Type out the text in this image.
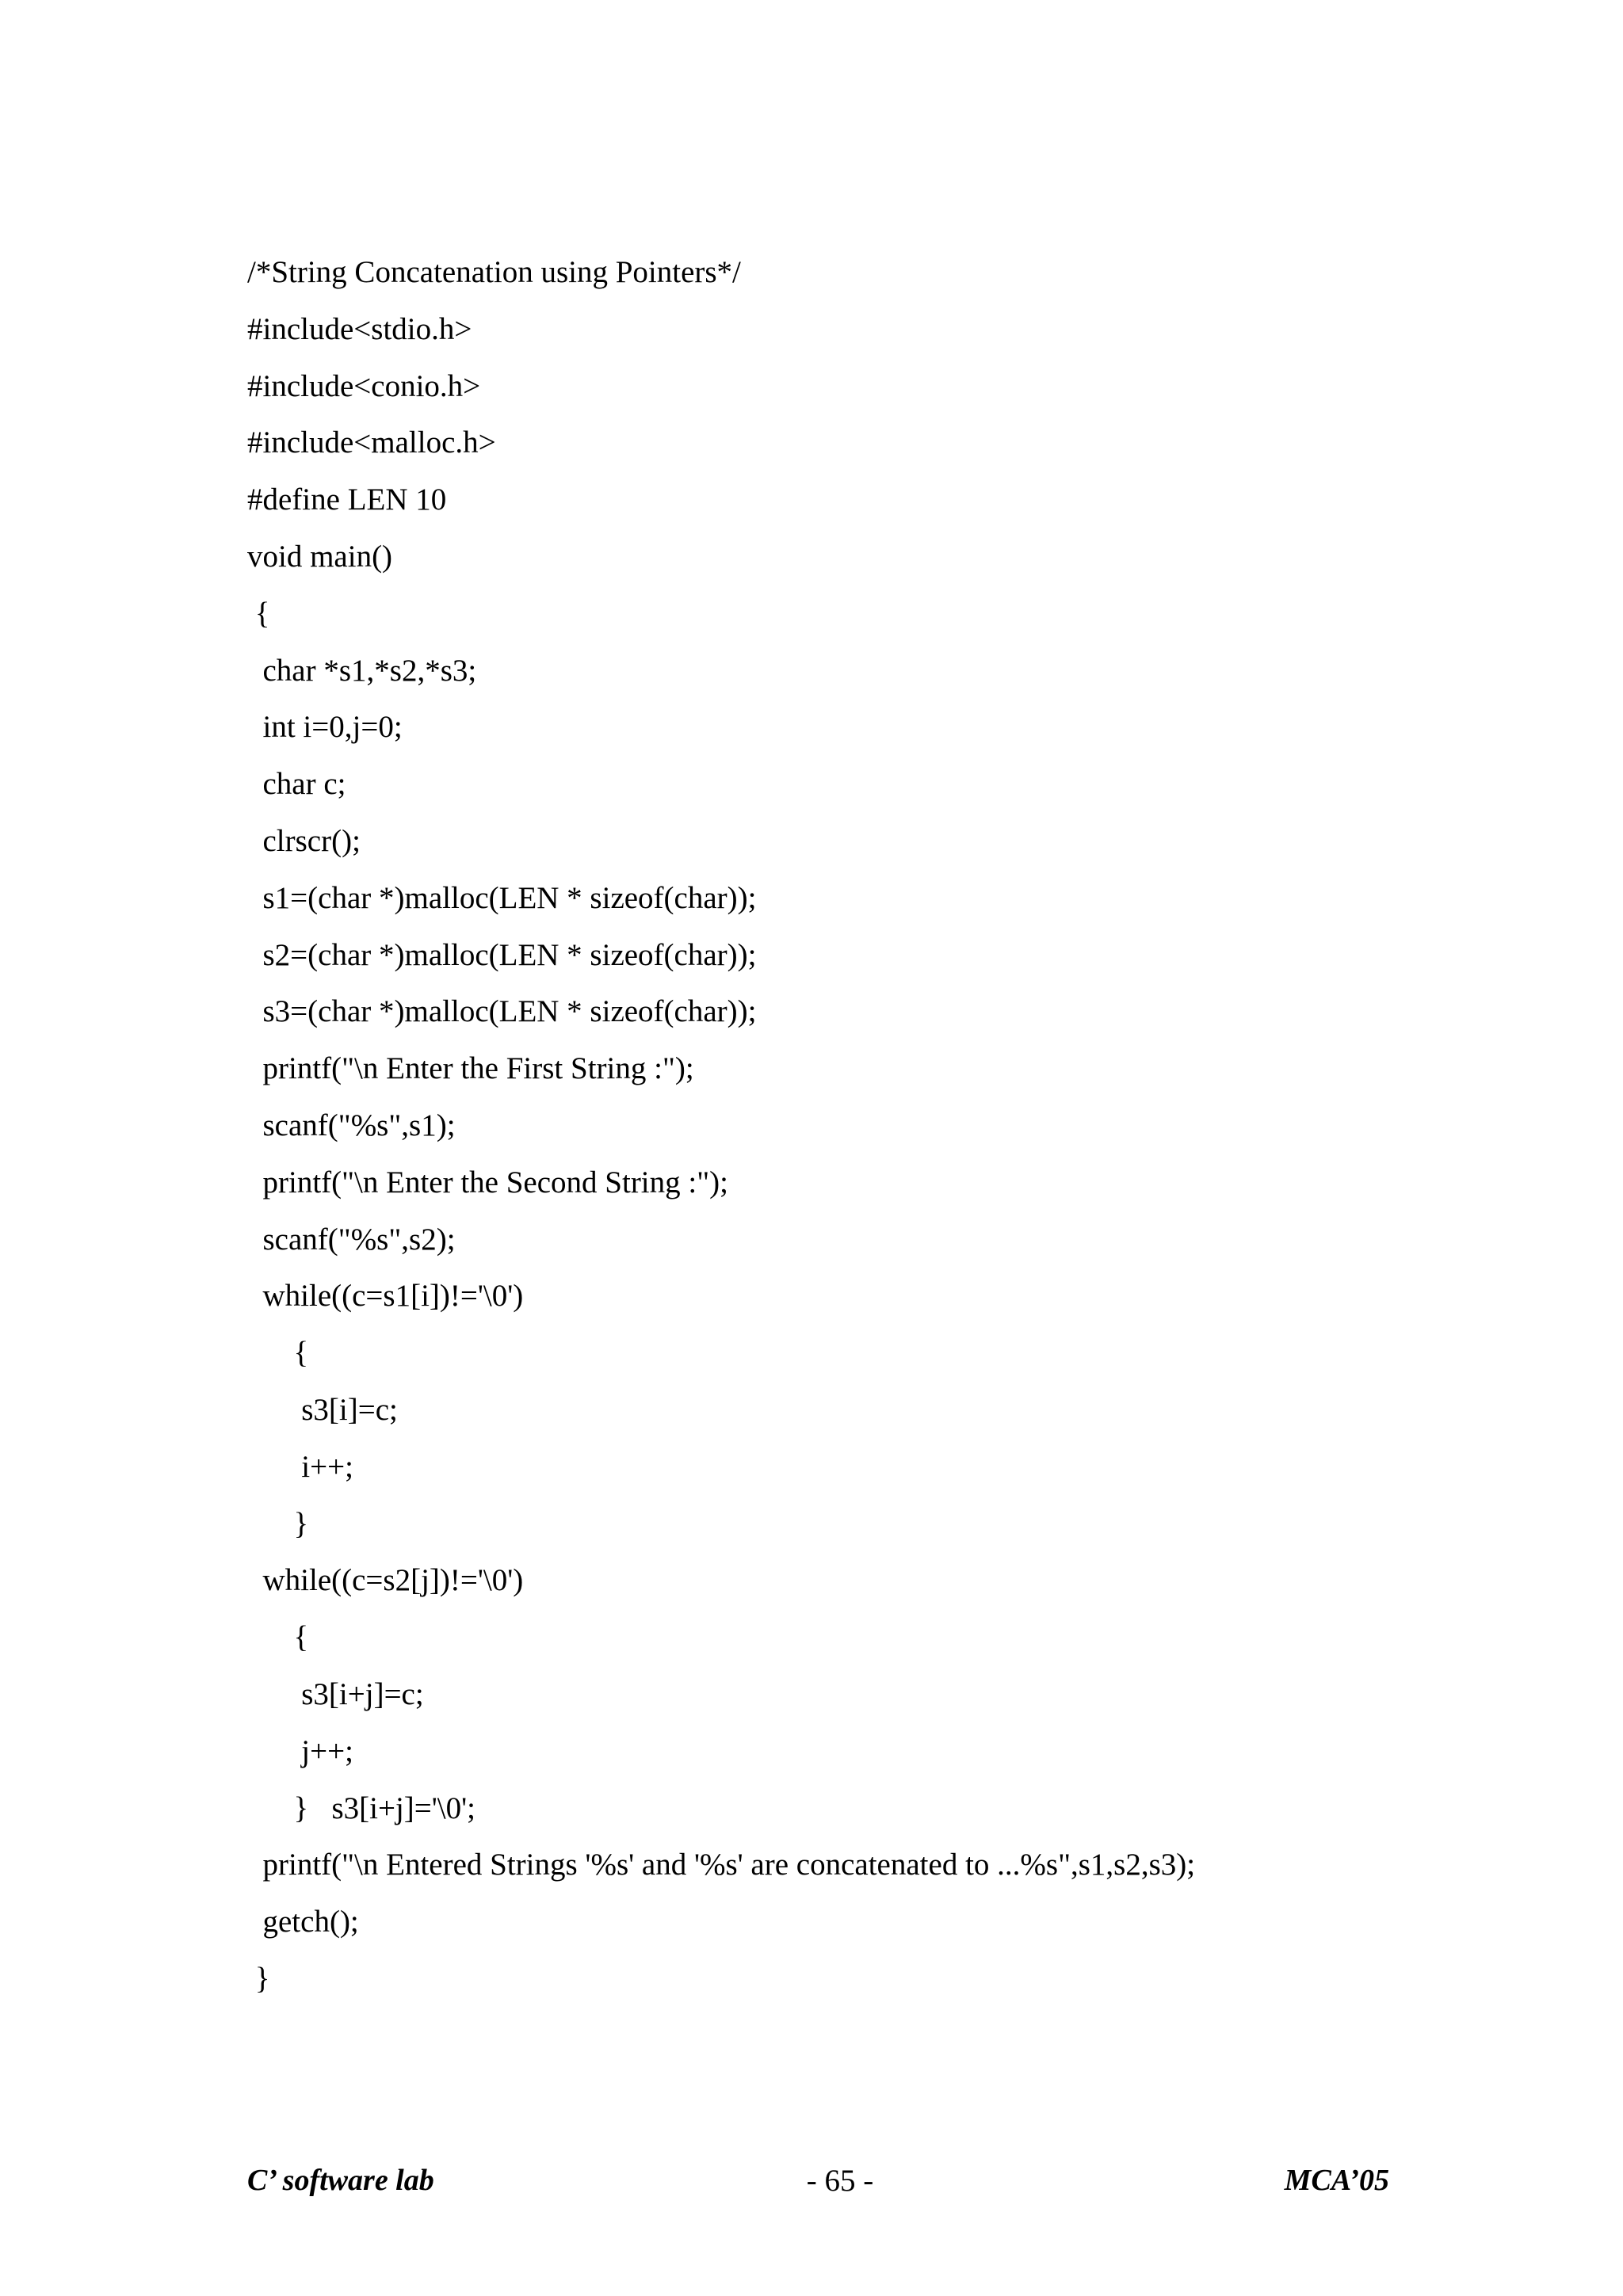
/*String Concatenation using Pointers*/
#include<stdio.h>
#include<conio.h>
#include<malloc.h>
#define LEN 10
void main()
{
char *s1,*s2,*s3;
int i=0,j=0;
char c;
clrscr();
s1=(char *)malloc(LEN * sizeof(char));
s2=(char *)malloc(LEN * sizeof(char));
s3=(char *)malloc(LEN * sizeof(char));
printf("\n Enter the First String :");
scanf("%s",s1);
printf("\n Enter the Second String :");
scanf("%s",s2);
while((c=s1[i])!='\0')
{
s3[i]=c;
i++;
}
while((c=s2[j])!='\0')
{
s3[i+j]=c;
j++;
}   s3[i+j]='\0';
printf("\n Entered Strings '%s' and '%s' are concatenated to ...%s",s1,s2,s3);
getch();
}
C’ software lab	- 65 -	MCA’05
